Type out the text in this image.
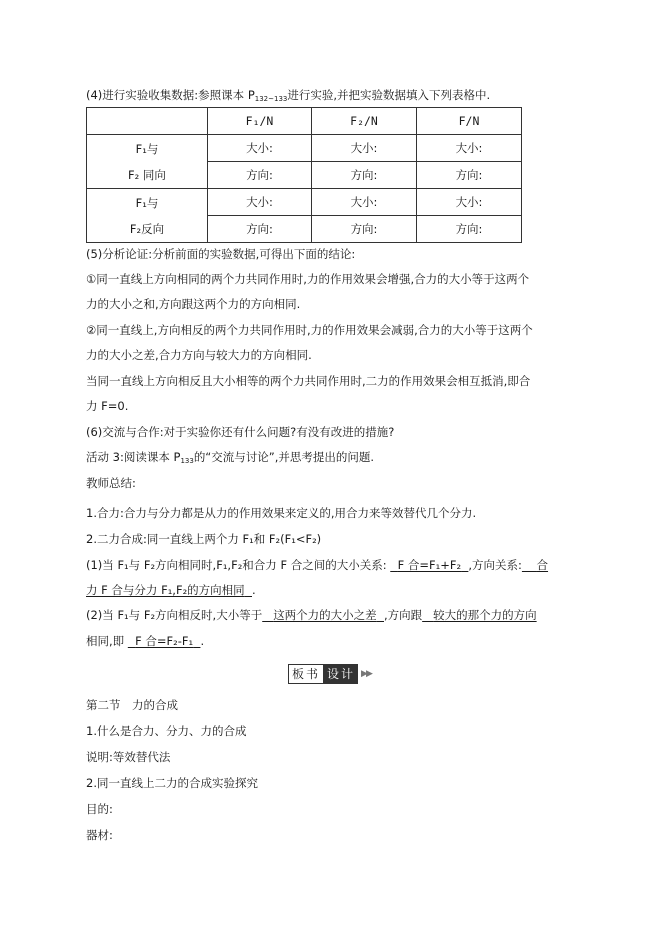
(4)进行实验收集数据:参照课本 $P_{132\sim 133}$进行实验,并把实验数据填入下列表格中.
	F₁/N	F₂/N	F/N

F₁与
F₂ 同向	大小:	大小:	大小:
	方向:	方向:	方向:

F₁与
F₂反向	大小:	大小:	大小:
	方向:	方向:	方向:
(5)分析论证:分析前面的实验数据,可得出下面的结论:
①同一直线上方向相同的两个力共同作用时,力的作用效果会增强,合力的大小等于这两个
力的大小之和,方向跟这两个力的方向相同.
②同一直线上,方向相反的两个力共同作用时,力的作用效果会减弱,合力的大小等于这两个
力的大小之差,合力方向与较大力的方向相同.
当同一直线上方向相反且大小相等的两个力共同作用时,二力的作用效果会相互抵消,即合
力 F=0.
(6)交流与合作:对于实验你还有什么问题?有没有改进的措施?
活动 3:阅读课本 $P_{133}$的“交流与讨论”,并思考提出的问题.
教师总结:
1.合力:合力与分力都是从力的作用效果来定义的,用合力来等效替代几个分力.
2.二力合成:同一直线上两个力 F₁和 F₂(F₁<F₂)
(1)当 F₁与 F₂方向相同时,F₁,F₂和合力 F 合之间的大小关系: F 合=F₁+F₂ ,方向关系: 合
力 F 合与分力 F₁,F₂的方向相同 .
(2)当 F₁与 F₂方向相反时,大小等于 这两个力的大小之差 ,方向跟 较大的那个力的方向
相同,即 F 合=F₂-F₁ .
板书 设计 ▶▶
第二节　力的合成
1.什么是合力、分力、力的合成
说明:等效替代法
2.同一直线上二力的合成实验探究
目的:
器材:
